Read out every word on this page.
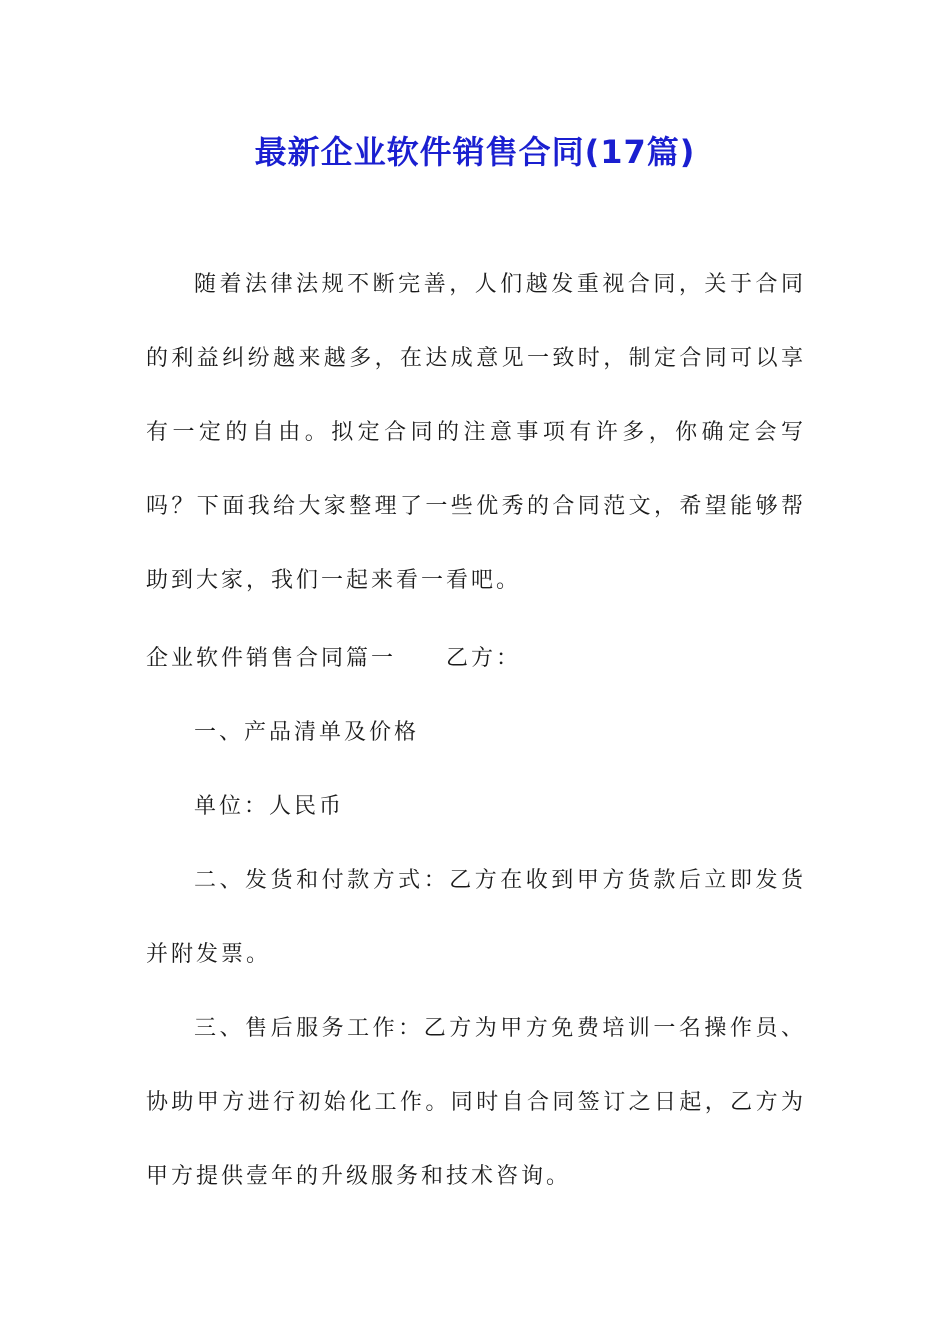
最新企业软件销售合同(17篇)

随着法律法规不断完善，人们越发重视合同，关于合同的利益纠纷越来越多，在达成意见一致时，制定合同可以享有一定的自由。拟定合同的注意事项有许多，你确定会写吗？下面我给大家整理了一些优秀的合同范文，希望能够帮助到大家，我们一起来看一看吧。

企业软件销售合同篇一 乙方：

一、产品清单及价格

单位：人民币

二、发货和付款方式：乙方在收到甲方货款后立即发货并附发票。

三、售后服务工作：乙方为甲方免费培训一名操作员、协助甲方进行初始化工作。同时自合同签订之日起，乙方为甲方提供壹年的升级服务和技术咨询。
